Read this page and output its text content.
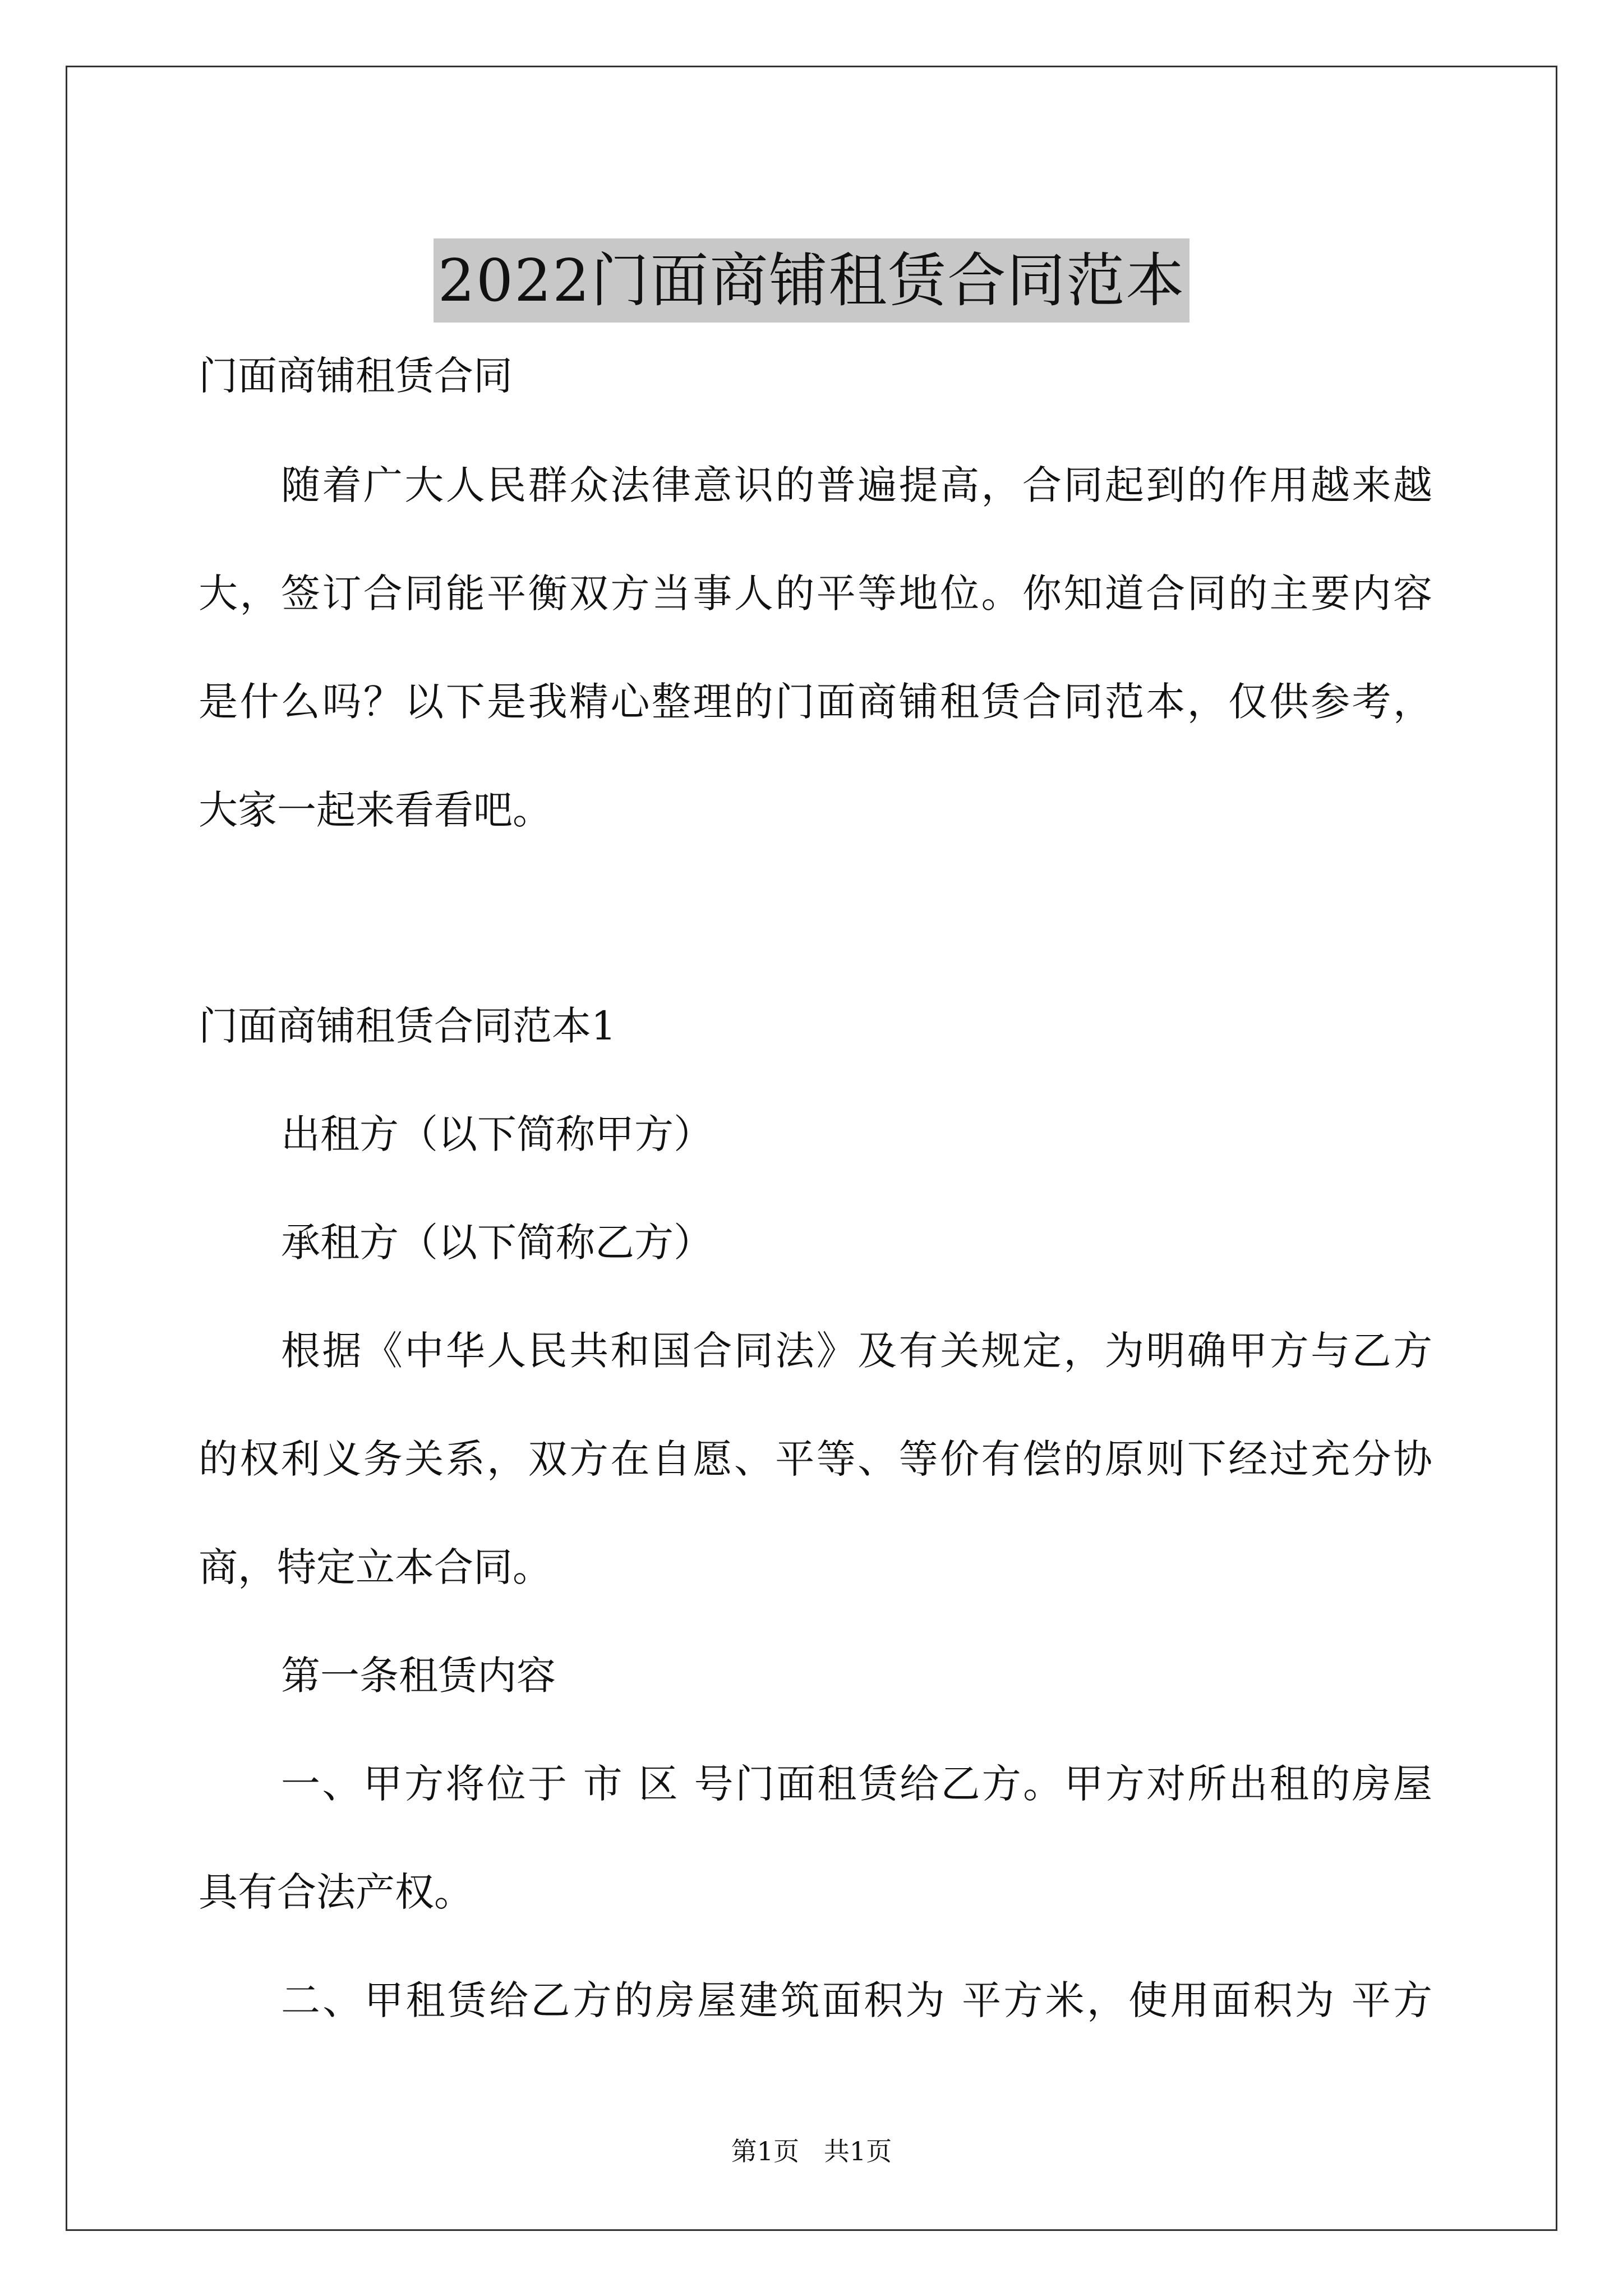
2022门面商铺租赁合同范本
门面商铺租赁合同
随着广大人民群众法律意识的普遍提高，合同起到的作用越来越
大，签订合同能平衡双方当事人的平等地位。你知道合同的主要内容
是什么吗？以下是我精心整理的门面商铺租赁合同范本，仅供参考，
大家一起来看看吧。
门面商铺租赁合同范本1
出租方（以下简称甲方）
承租方（以下简称乙方）
根据《中华人民共和国合同法》及有关规定，为明确甲方与乙方
的权利义务关系，双方在自愿、平等、等价有偿的原则下经过充分协
商，特定立本合同。
第一条租赁内容
一、甲方将位于 市 区 号门面租赁给乙方。甲方对所出租的房屋
具有合法产权。
二、甲租赁给乙方的房屋建筑面积为 平方米，使用面积为 平方
第1页   共1页
